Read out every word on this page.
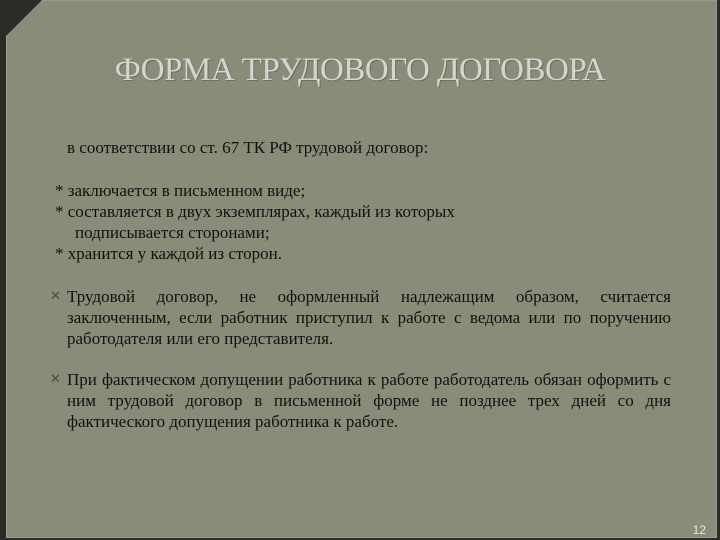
ФОРМА ТРУДОВОГО ДОГОВОРА

в соответствии со ст. 67 ТК РФ трудовой договор:

* заключается в письменном виде;
* составляется в двух экземплярах, каждый из которых
подписывается сторонами;
* хранится у каждой из сторон.
✕ Трудовой договор, не оформленный надлежащим образом, считается заключенным, если работник приступил к работе с ведома или по поручению работодателя или его представителя.
✕ При фактическом допущении работника к работе работодатель обязан оформить с ним трудовой договор в письменной форме не позднее трех дней со дня фактического допущения работника к работе.
12
